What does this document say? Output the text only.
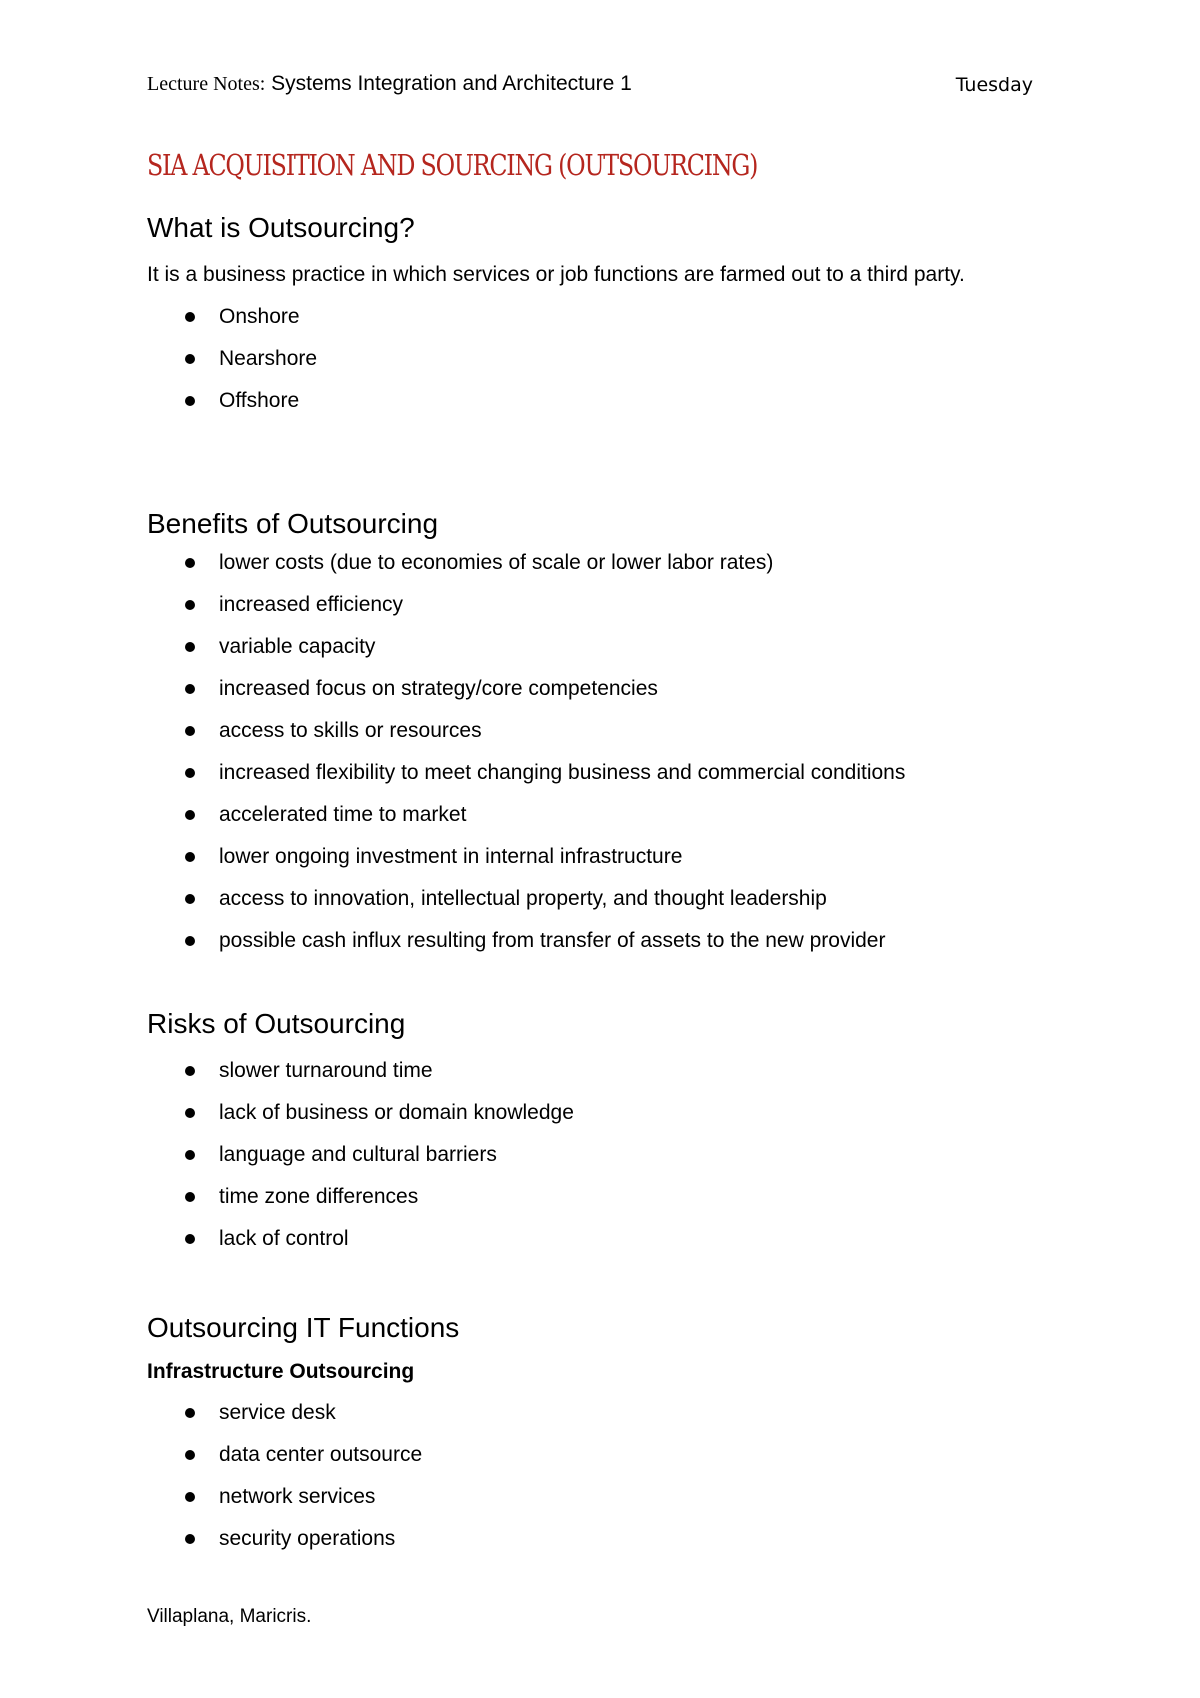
Lecture Notes: Systems Integration and Architecture 1	Tuesday
SIA ACQUISITION AND SOURCING (OUTSOURCING)
What is Outsourcing?

It is a business practice in which services or job functions are farmed out to a third party.

Onshore
Nearshore
Offshore
Benefits of Outsourcing
lower costs (due to economies of scale or lower labor rates)
increased efficiency
variable capacity
increased focus on strategy/core competencies
access to skills or resources
increased flexibility to meet changing business and commercial conditions
accelerated time to market
lower ongoing investment in internal infrastructure
access to innovation, intellectual property, and thought leadership
possible cash influx resulting from transfer of assets to the new provider
Risks of Outsourcing
slower turnaround time
lack of business or domain knowledge
language and cultural barriers
time zone differences
lack of control
Outsourcing IT Functions
Infrastructure Outsourcing
service desk
data center outsource
network services
security operations
Villaplana, Maricris.
